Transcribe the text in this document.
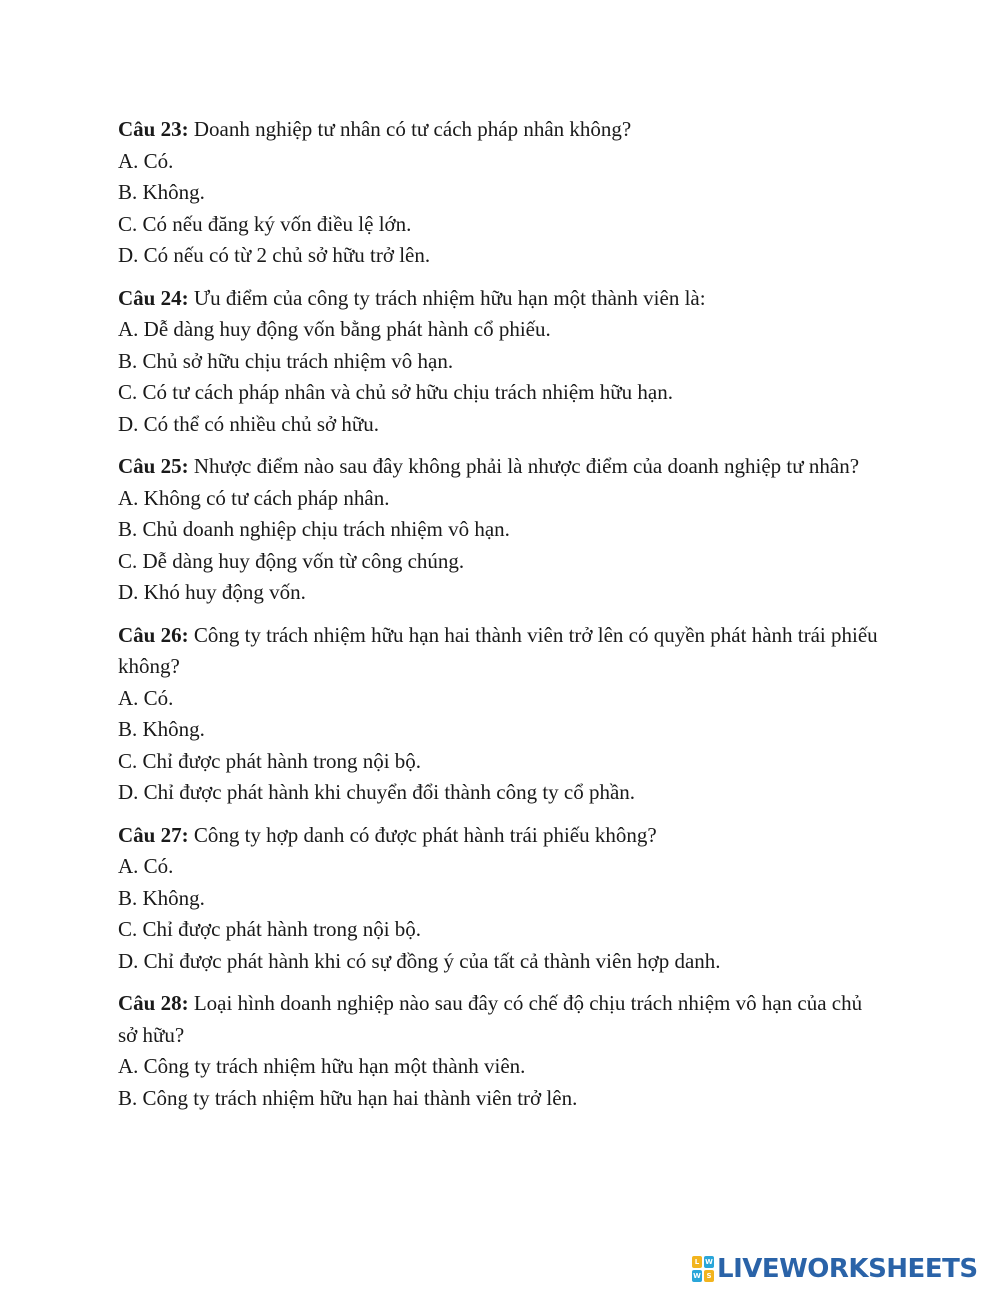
Câu 23: Doanh nghiệp tư nhân có tư cách pháp nhân không?
A. Có.
B. Không.
C. Có nếu đăng ký vốn điều lệ lớn.
D. Có nếu có từ 2 chủ sở hữu trở lên.
Câu 24: Ưu điểm của công ty trách nhiệm hữu hạn một thành viên là:
A. Dễ dàng huy động vốn bằng phát hành cổ phiếu.
B. Chủ sở hữu chịu trách nhiệm vô hạn.
C. Có tư cách pháp nhân và chủ sở hữu chịu trách nhiệm hữu hạn.
D. Có thể có nhiều chủ sở hữu.
Câu 25: Nhược điểm nào sau đây không phải là nhược điểm của doanh nghiệp tư nhân?
A. Không có tư cách pháp nhân.
B. Chủ doanh nghiệp chịu trách nhiệm vô hạn.
C. Dễ dàng huy động vốn từ công chúng.
D. Khó huy động vốn.
Câu 26: Công ty trách nhiệm hữu hạn hai thành viên trở lên có quyền phát hành trái phiếu không?
A. Có.
B. Không.
C. Chỉ được phát hành trong nội bộ.
D. Chỉ được phát hành khi chuyển đổi thành công ty cổ phần.
Câu 27: Công ty hợp danh có được phát hành trái phiếu không?
A. Có.
B. Không.
C. Chỉ được phát hành trong nội bộ.
D. Chỉ được phát hành khi có sự đồng ý của tất cả thành viên hợp danh.
Câu 28: Loại hình doanh nghiệp nào sau đây có chế độ chịu trách nhiệm vô hạn của chủ sở hữu?
A. Công ty trách nhiệm hữu hạn một thành viên.
B. Công ty trách nhiệm hữu hạn hai thành viên trở lên.
L W
W S LIVEWORKSHEETS
